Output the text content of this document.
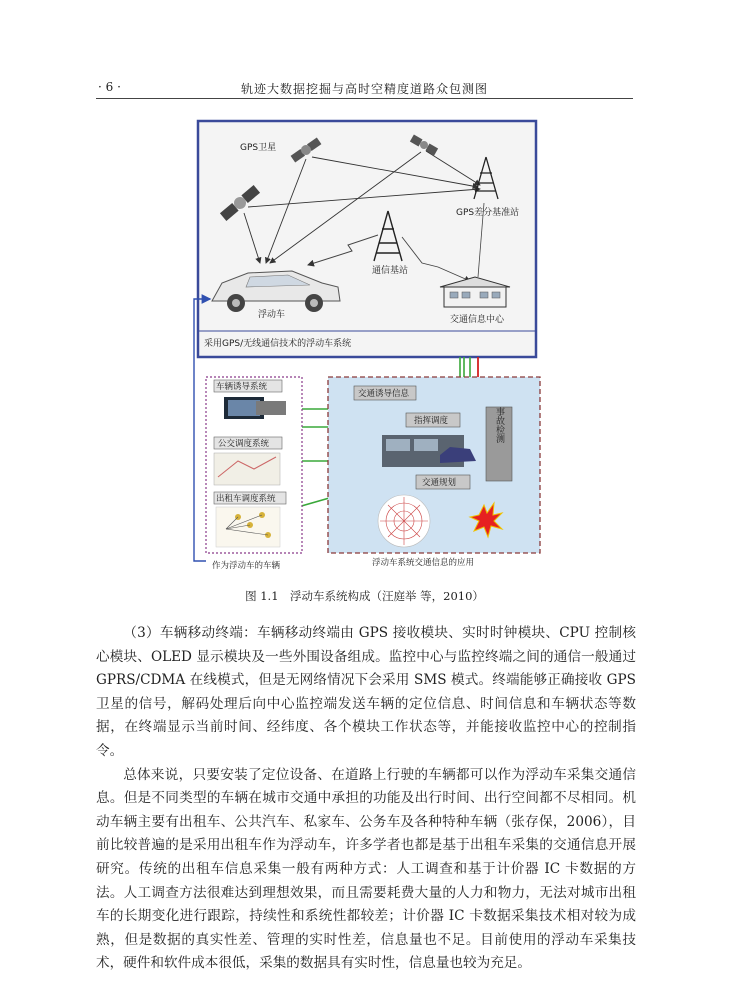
· 6 ·	轨迹大数据挖掘与高时空精度道路众包测图
GPS卫星
GPS差分基准站
通信基站
浮动车	交通信息中心
采用GPS/无线通信技术的浮动车系统
车辆诱导系统
公交调度系统
出租车调度系统
作为浮动车的车辆
交通诱导信息
指挥调度
交通规划
事故检测
浮动车系统交通信息的应用
图 1.1　浮动车系统构成（汪庭举 等，2010）

（3）车辆移动终端：车辆移动终端由 GPS 接收模块、实时时钟模块、CPU 控制核心模块、OLED 显示模块及一些外围设备组成。监控中心与监控终端之间的通信一般通过 GPRS/CDMA 在线模式，但是无网络情况下会采用 SMS 模式。终端能够正确接收 GPS 卫星的信号，解码处理后向中心监控端发送车辆的定位信息、时间信息和车辆状态等数据，在终端显示当前时间、经纬度、各个模块工作状态等，并能接收监控中心的控制指令。

总体来说，只要安装了定位设备、在道路上行驶的车辆都可以作为浮动车采集交通信息。但是不同类型的车辆在城市交通中承担的功能及出行时间、出行空间都不尽相同。机动车辆主要有出租车、公共汽车、私家车、公务车及各种特种车辆（张存保，2006），目前比较普遍的是采用出租车作为浮动车，许多学者也都是基于出租车采集的交通信息开展研究。传统的出租车信息采集一般有两种方式：人工调查和基于计价器 IC 卡数据的方法。人工调查方法很难达到理想效果，而且需要耗费大量的人力和物力，无法对城市出租车的长期变化进行跟踪，持续性和系统性都较差；计价器 IC 卡数据采集技术相对较为成熟，但是数据的真实性差、管理的实时性差，信息量也不足。目前使用的浮动车采集技术，硬件和软件成本很低，采集的数据具有实时性，信息量也较为充足。
